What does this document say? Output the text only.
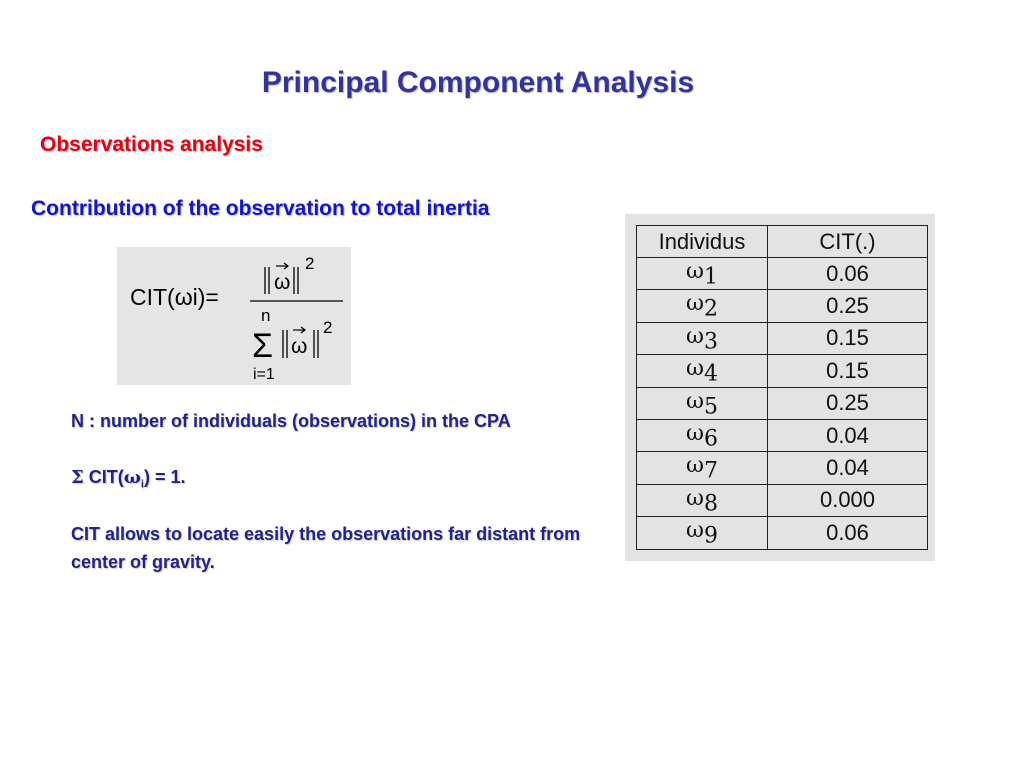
Principal Component Analysis
Observations analysis
Contribution of the observation to total inertia
CIT(ωi)=
ω
2
n
Σ
i=1
ω
2

N : number of individuals (observations) in the CPA

Σ $CIT(\omega_i) = 1$.

CIT allows to locate easily the observations far distant from center of gravity.

Individus	CIT(.)
$\omega_1$	0.06
$\omega_2$	0.25
$\omega_3$	0.15
$\omega_4$	0.15
$\omega_5$	0.25
$\omega_6$	0.04
$\omega_7$	0.04
$\omega_8$	0.000
$\omega_9$	0.06
